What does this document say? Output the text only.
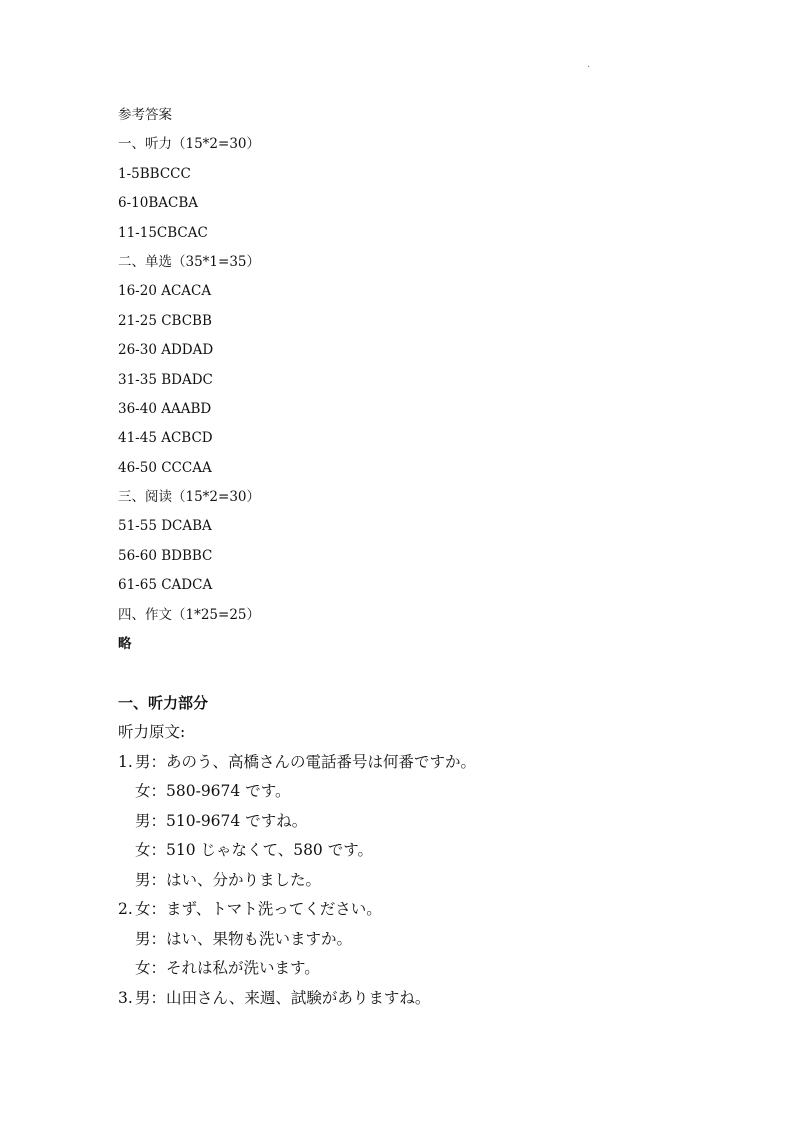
.
参考答案
一、听力（15*2=30）
1-5BBCCC
6-10BACBA
11-15CBCAC
二、单选（35*1=35）
16-20 ACACA
21-25 CBCBB
26-30 ADDAD
31-35 BDADC
36-40 AAABD
41-45 ACBCD
46-50 CCCAA
三、阅读（15*2=30）
51-55 DCABA
56-60 BDBBC
61-65 CADCA
四、作文（1*25=25）
略
一、听力部分
听力原文:
1. 男：あのう、高橋さんの電話番号は何番ですか。
女：580-9674 です。
男：510-9674 ですね。
女：510 じゃなくて、580 です。
男：はい、分かりました。
2. 女：まず、トマト洗ってください。
男：はい、果物も洗いますか。
女：それは私が洗います。
3. 男：山田さん、来週、試験がありますね。
